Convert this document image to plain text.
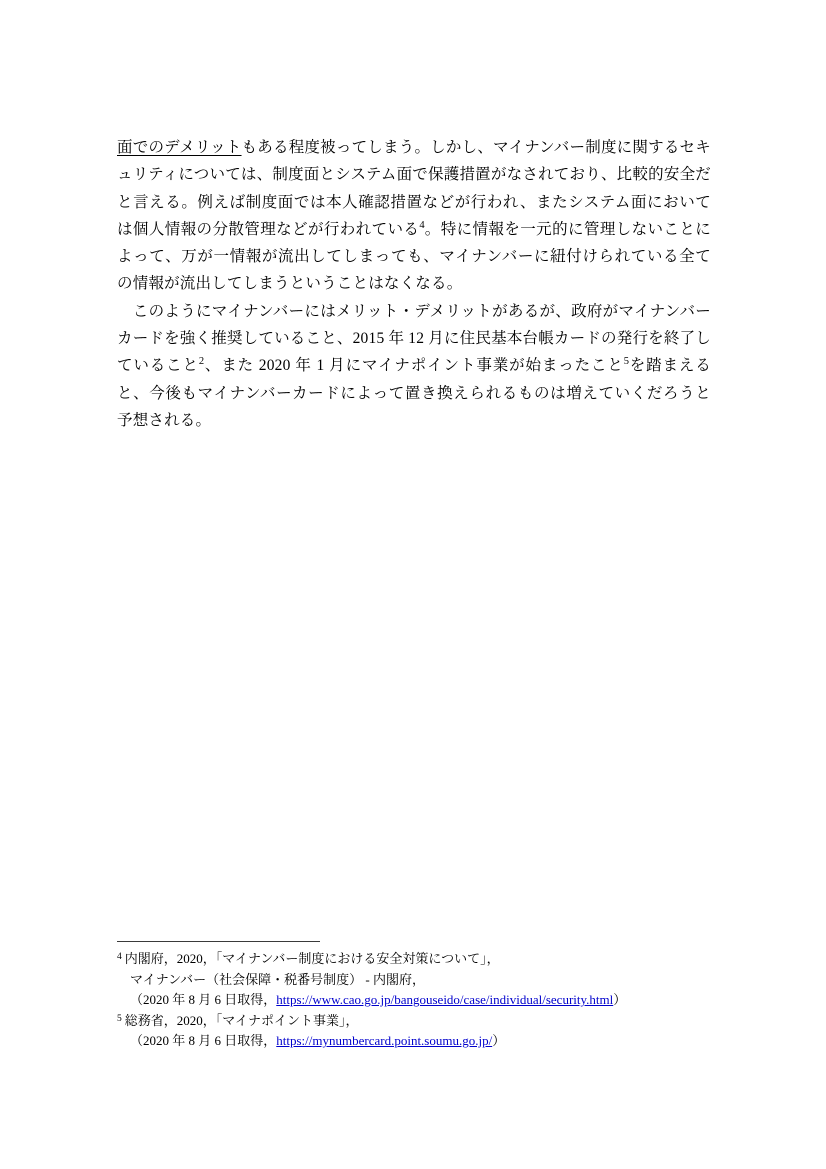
面でのデメリットもある程度被ってしまう。しかし、マイナンバー制度に関するセキュリティについては、制度面とシステム面で保護措置がなされており、比較的安全だと言える。例えば制度面では本人確認措置などが行われ、またシステム面においては個人情報の分散管理などが行われている$^4$。特に情報を一元的に管理しないことによって、万が一情報が流出してしまっても、マイナンバーに紐付けられている全ての情報が流出してしまうということはなくなる。

　このようにマイナンバーにはメリット・デメリットがあるが、政府がマイナンバーカードを強く推奨していること、2015 年 12 月に住民基本台帳カードの発行を終了していること$^2$、また 2020 年 1 月にマイナポイント事業が始まったこと$^5$を踏まえると、今後もマイナンバーカードによって置き換えられるものは増えていくだろうと予想される。

$^4$ 内閣府，2020，「マイナンバー制度における安全対策について」，
マイナンバー（社会保障・税番号制度） - 内閣府，
（2020 年 8 月 6 日取得，https://www.cao.go.jp/bangouseido/case/individual/security.html）
$^5$ 総務省，2020，「マイナポイント事業」，
（2020 年 8 月 6 日取得，https://mynumbercard.point.soumu.go.jp/）
